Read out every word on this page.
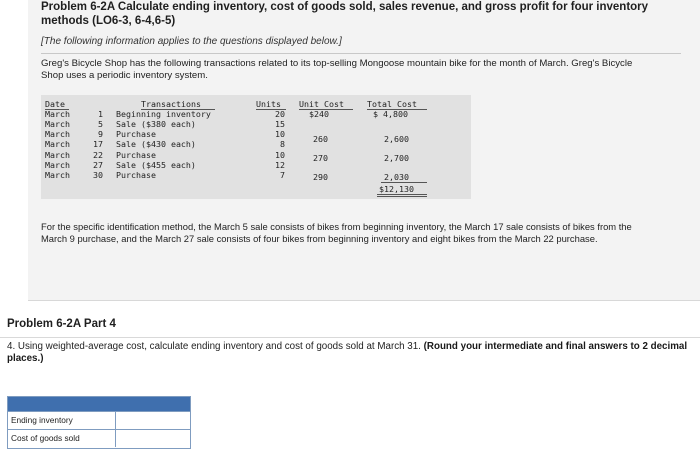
Problem 6-2A Calculate ending inventory, cost of goods sold, sales revenue, and gross profit for four inventory methods (LO6-3, 6-4,6-5)
[The following information applies to the questions displayed below.]
Greg's Bicycle Shop has the following transactions related to its top-selling Mongoose mountain bike for the month of March. Greg's Bicycle Shop uses a periodic inventory system.
Date	Transactions	Units Unit Cost	Total Cost
March	1 Beginning inventory	20	$240	$ 4,800
March	5 Sale ($380 each)	15
March	9 Purchase	10	260	2,600
March	17 Sale ($430 each)	8
March	22 Purchase	10	270	2,700
March	27 Sale ($455 each)	12
March	30 Purchase	7	290	2,030
$12,130
For the specific identification method, the March 5 sale consists of bikes from beginning inventory, the March 17 sale consists of bikes from the March 9 purchase, and the March 27 sale consists of four bikes from beginning inventory and eight bikes from the March 22 purchase.
Problem 6-2A Part 4
4. Using weighted-average cost, calculate ending inventory and cost of goods sold at March 31. (Round your intermediate and final answers to 2 decimal places.)
Ending inventory
Cost of goods sold
